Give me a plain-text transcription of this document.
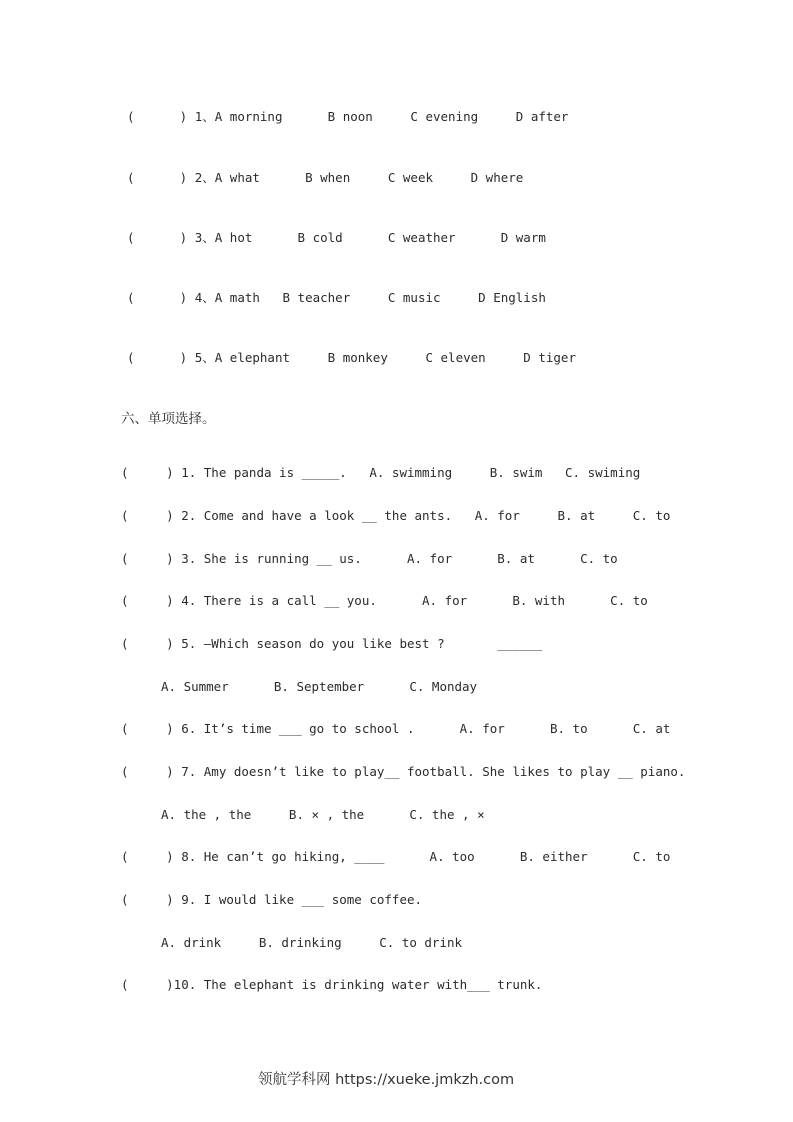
(      ) 1、A morning      B noon     C evening     D after
(      ) 2、A what      B when     C week     D where
(      ) 3、A hot      B cold      C weather      D warm
(      ) 4、A math   B teacher     C music     D English
(      ) 5、A elephant     B monkey     C eleven     D tiger
六、单项选择。
(     ) 1. The panda is _____.   A. swimming     B. swim   C. swiming
(     ) 2. Come and have a look __ the ants.   A. for     B. at     C. to
(     ) 3. She is running __ us.      A. for      B. at      C. to
(     ) 4. There is a call __ you.      A. for      B. with      C. to
(     ) 5. —Which season do you like best ?       ______
A. Summer      B. September      C. Monday
(     ) 6. It’s time ___ go to school .      A. for      B. to      C. at
(     ) 7. Amy doesn’t like to play__ football. She likes to play __ piano.
A. the , the     B. × , the      C. the , ×
(     ) 8. He can’t go hiking, ____      A. too      B. either      C. to
(     ) 9. I would like ___ some coffee.
A. drink     B. drinking     C. to drink
(     )10. The elephant is drinking water with___ trunk.
领航学科网 https://xueke.jmkzh.com
